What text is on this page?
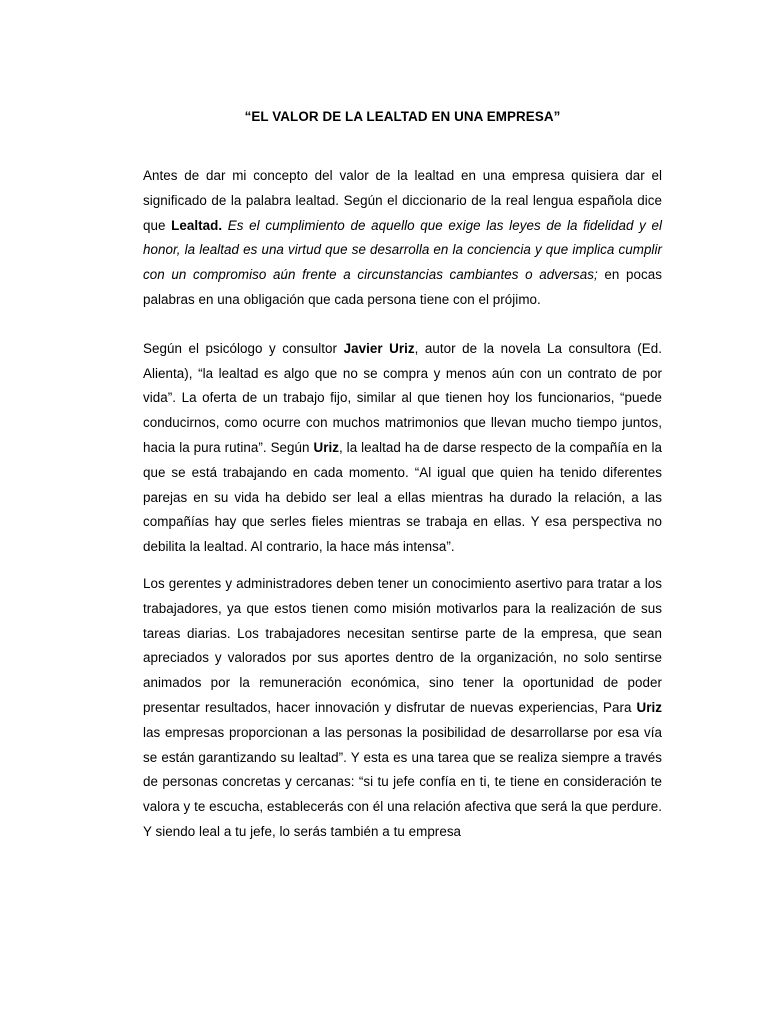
“EL VALOR DE LA LEALTAD EN UNA EMPRESA”

Antes de dar mi concepto del valor de la lealtad en una empresa quisiera dar el significado de la palabra lealtad. Según el diccionario de la real lengua española dice que Lealtad. Es el cumplimiento de aquello que exige las leyes de la fidelidad y el honor, la lealtad es una virtud que se desarrolla en la conciencia y que implica cumplir con un compromiso aún frente a circunstancias cambiantes o adversas; en pocas palabras en una obligación que cada persona tiene con el prójimo.

Según el psicólogo y consultor Javier Uriz, autor de la novela La consultora (Ed. Alienta), “la lealtad es algo que no se compra y menos aún con un contrato de por vida”. La oferta de un trabajo fijo, similar al que tienen hoy los funcionarios, “puede conducirnos, como ocurre con muchos matrimonios que llevan mucho tiempo juntos, hacia la pura rutina”. Según Uriz, la lealtad ha de darse respecto de la compañía en la que se está trabajando en cada momento. “Al igual que quien ha tenido diferentes parejas en su vida ha debido ser leal a ellas mientras ha durado la relación, a las compañías hay que serles fieles mientras se trabaja en ellas. Y esa perspectiva no debilita la lealtad. Al contrario, la hace más intensa”.

Los gerentes y administradores deben tener un conocimiento asertivo para tratar a los trabajadores, ya que estos tienen como misión motivarlos para la realización de sus tareas diarias. Los trabajadores necesitan sentirse parte de la empresa, que sean apreciados y valorados por sus aportes dentro de la organización, no solo sentirse animados por la remuneración económica, sino tener la oportunidad de poder presentar resultados, hacer innovación y disfrutar de nuevas experiencias, Para Uriz las empresas proporcionan a las personas la posibilidad de desarrollarse por esa vía se están garantizando su lealtad”. Y esta es una tarea que se realiza siempre a través de personas concretas y cercanas: “si tu jefe confía en ti, te tiene en consideración te valora y te escucha, establecerás con él una relación afectiva que será la que perdure. Y siendo leal a tu jefe, lo serás también a tu empresa
